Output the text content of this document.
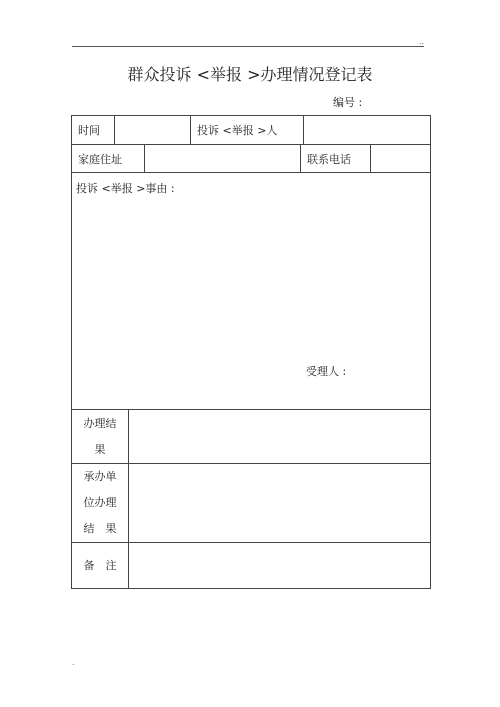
..
群众投诉 <举报 >办理情况登记表
编号 :
时间	投诉 <举报 >人
家庭住址	联系电话
投诉 <举报 >事由 :
受理人 :
办理结
果
承办单
位办理
结　果
备　注
.
